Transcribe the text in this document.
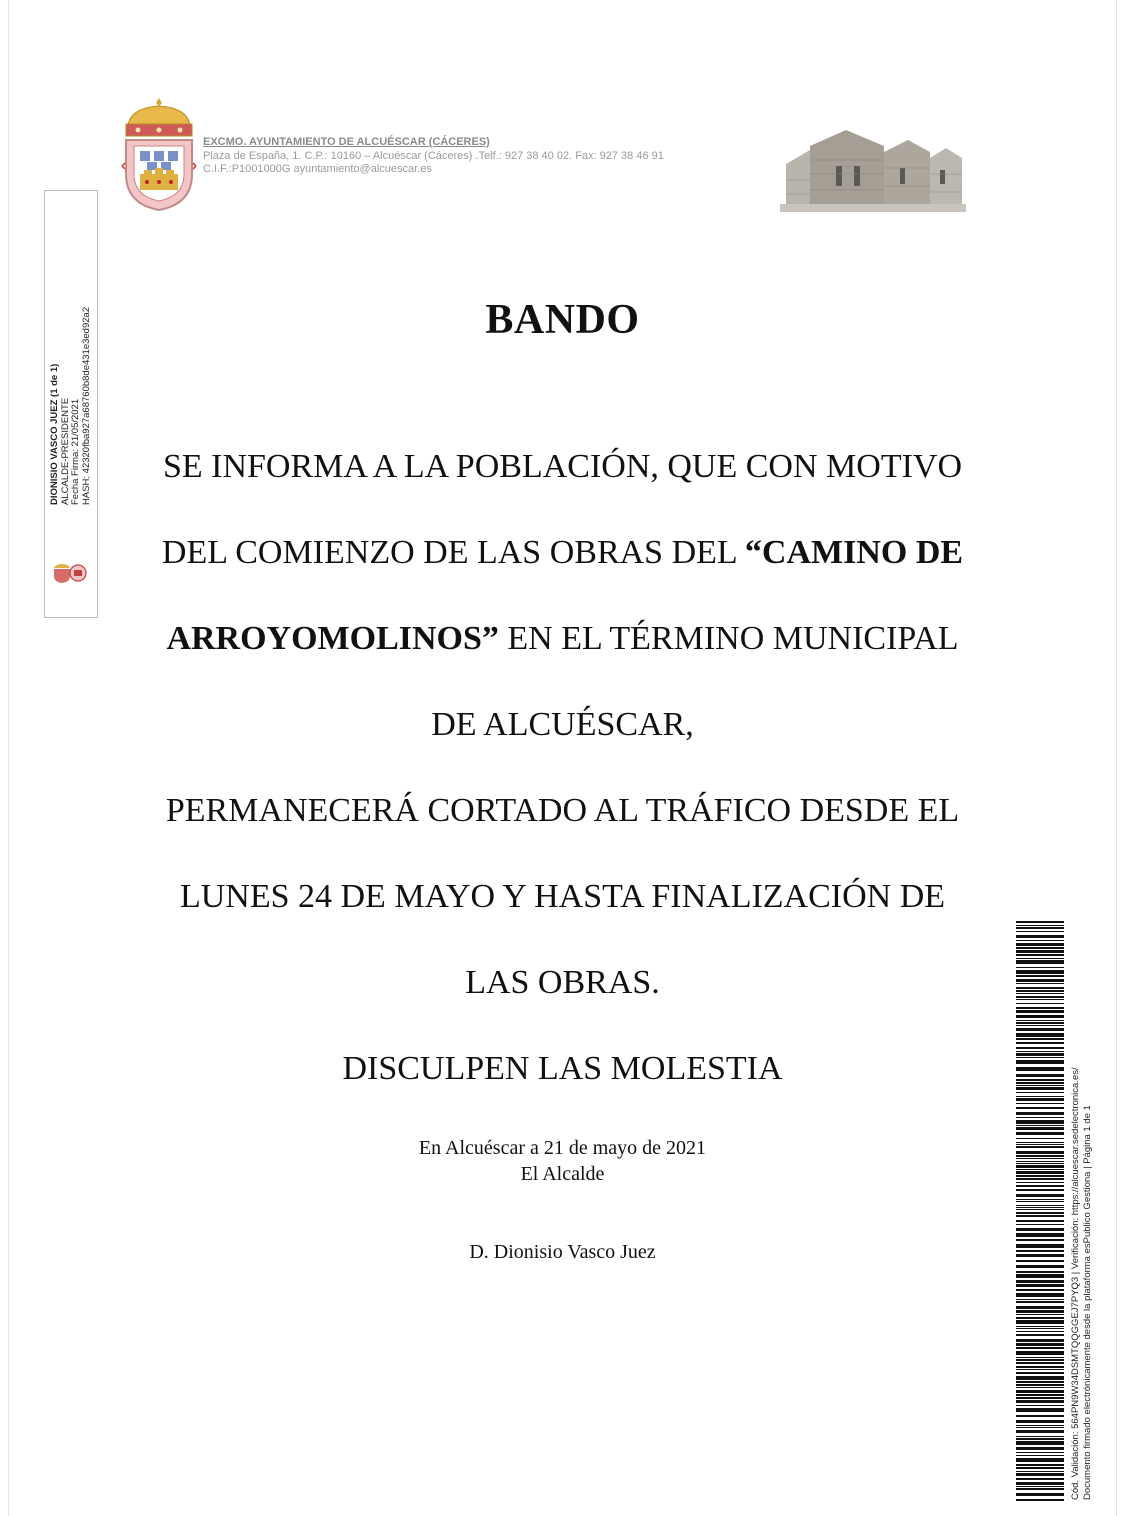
EXCMO. AYUNTAMIENTO DE ALCUÉSCAR (CÁCERES)
Plaza de España, 1. C.P.: 10160 – Alcuéscar (Cáceres) .Telf.: 927 38 40 02. Fax: 927 38 46 91
C.I.F.:P1001000G ayuntamiento@alcuescar.es
DIONISIO VASCO JUEZ (1 de 1) ALCALDE-PRESIDENTE Fecha Firma: 21/05/2021 HASH: 42320fba927a68760b8de431e3ed92a2	BANDO
SE INFORMA A LA POBLACIÓN, QUE CON MOTIVO
DEL COMIENZO DE LAS OBRAS DEL “CAMINO DE
ARROYOMOLINOS” EN EL TÉRMINO MUNICIPAL
DE ALCUÉSCAR,
PERMANECERÁ CORTADO AL TRÁFICO DESDE EL
LUNES 24 DE MAYO Y HASTA FINALIZACIÓN DE
LAS OBRAS.
DISCULPEN LAS MOLESTIA
En Alcuéscar a 21 de mayo de 2021
El Alcalde
D. Dionisio Vasco Juez	Cód. Validación: 564PN9W34DSMTQQGGEJ7PYQ3 | Verificación: https://alcuescar.sedelectronica.es/ Documento firmado electrónicamente desde la plataforma esPublico Gestiona | Página 1 de 1
